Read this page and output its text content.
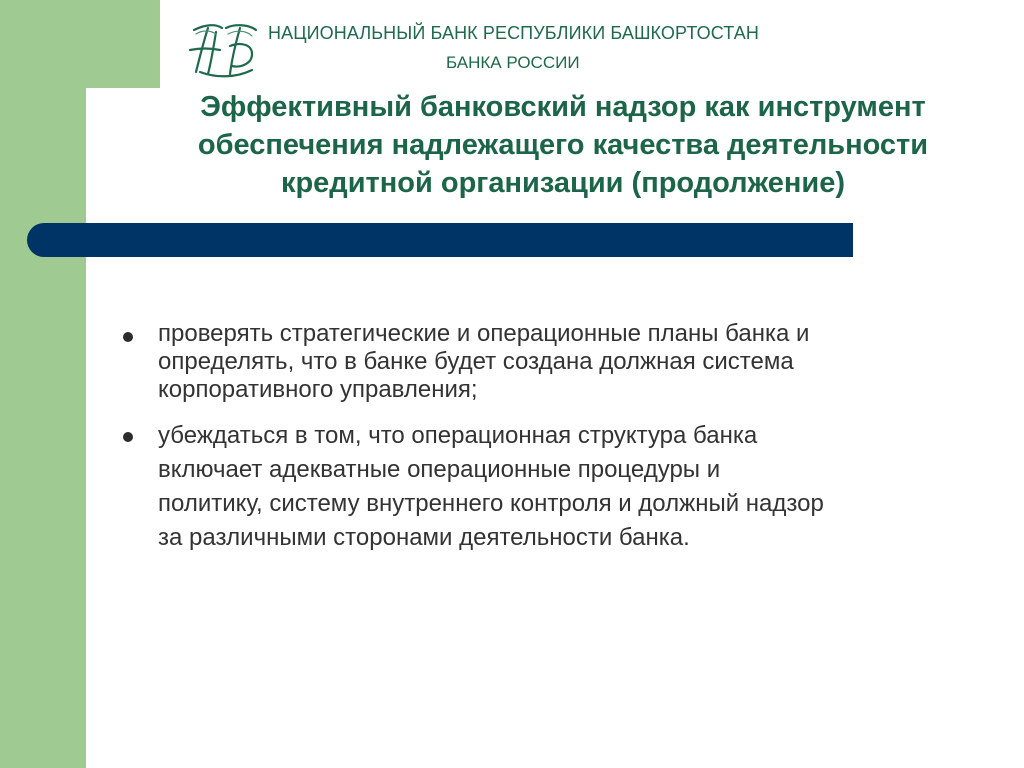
НАЦИОНАЛЬНЫЙ БАНК РЕСПУБЛИКИ БАШКОРТОСТАН
БАНКА РОССИИ
Эффективный банковский надзор как инструмент
обеспечения надлежащего качества деятельности
кредитной организации (продолжение)
проверять стратегические и операционные планы банка и
определять, что в банке будет создана должная система
корпоративного управления;
убеждаться в том, что операционная структура банка
включает адекватные операционные процедуры и
политику, систему внутреннего контроля и должный надзор
за различными сторонами деятельности банка.
